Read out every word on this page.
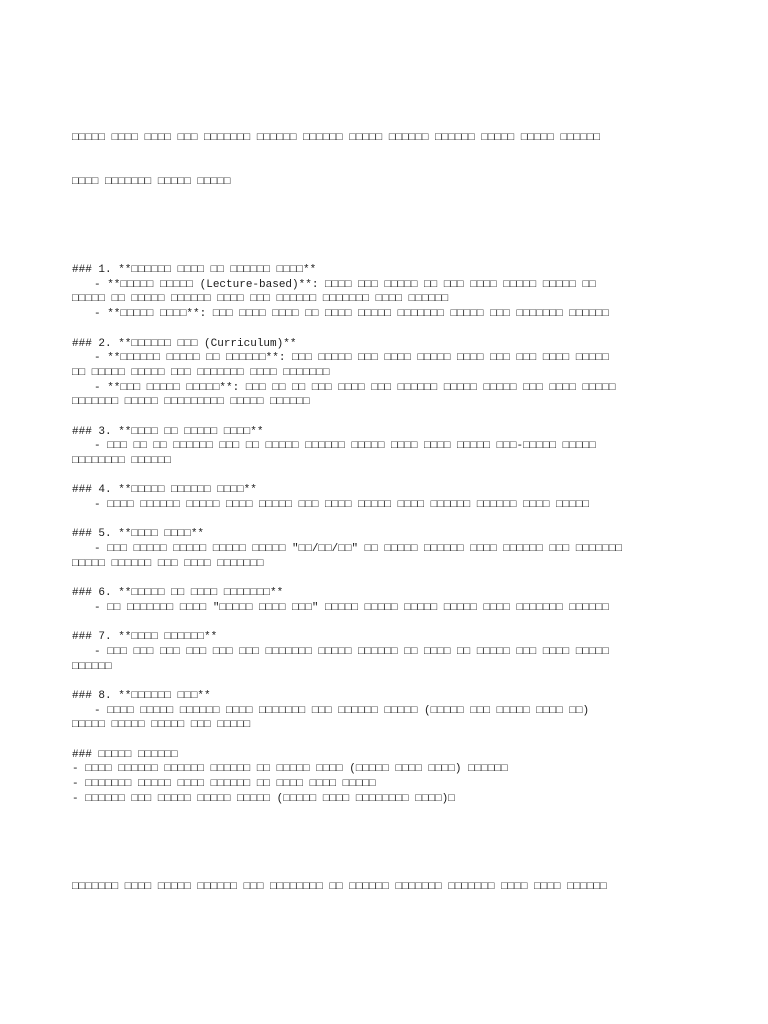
□□□□□ □□□□ □□□□ □□□ □□□□□□□ □□□□□□ □□□□□□ □□□□□ □□□□□□ □□□□□□ □□□□□ □□□□□ □□□□□□

□□□□ □□□□□□□ □□□□□ □□□□□

### 1. **□□□□□□ □□□□ □□ □□□□□□ □□□□**
- **□□□□□ □□□□□ (Lecture-based)**: □□□□ □□□ □□□□□ □□ □□□ □□□□ □□□□□ □□□□□ □□
□□□□□ □□ □□□□□ □□□□□□ □□□□ □□□ □□□□□□ □□□□□□□ □□□□ □□□□□□
- **□□□□□ □□□□**: □□□ □□□□ □□□□ □□ □□□□ □□□□□ □□□□□□□ □□□□□ □□□ □□□□□□□ □□□□□□
### 2. **□□□□□□ □□□ (Curriculum)**
- **□□□□□□ □□□□□ □□ □□□□□□**: □□□ □□□□□ □□□ □□□□ □□□□□ □□□□ □□□ □□□ □□□□ □□□□□
□□ □□□□□ □□□□□ □□□ □□□□□□□ □□□□ □□□□□□□
- **□□□ □□□□□ □□□□□**: □□□ □□ □□ □□□ □□□□ □□□ □□□□□□ □□□□□ □□□□□ □□□ □□□□ □□□□□
□□□□□□□ □□□□□ □□□□□□□□□ □□□□□ □□□□□□
### 3. **□□□□ □□ □□□□□ □□□□**
- □□□ □□ □□ □□□□□□ □□□ □□ □□□□□ □□□□□□ □□□□□ □□□□ □□□□ □□□□□ □□□-□□□□□ □□□□□
□□□□□□□□ □□□□□□
### 4. **□□□□□ □□□□□□ □□□□**
- □□□□ □□□□□□ □□□□□ □□□□ □□□□□ □□□ □□□□ □□□□□ □□□□ □□□□□□ □□□□□□ □□□□ □□□□□
### 5. **□□□□ □□□□**
- □□□ □□□□□ □□□□□ □□□□□ □□□□□ "□□/□□/□□" □□ □□□□□ □□□□□□ □□□□ □□□□□□ □□□ □□□□□□□
□□□□□ □□□□□□ □□□ □□□□ □□□□□□□
### 6. **□□□□□ □□ □□□□ □□□□□□□**
- □□ □□□□□□□ □□□□ "□□□□□ □□□□ □□□" □□□□□ □□□□□ □□□□□ □□□□□ □□□□ □□□□□□□ □□□□□□
### 7. **□□□□ □□□□□□**
- □□□ □□□ □□□ □□□ □□□ □□□ □□□□□□□ □□□□□ □□□□□□ □□ □□□□ □□ □□□□□ □□□ □□□□ □□□□□
□□□□□□
### 8. **□□□□□□ □□□**
- □□□□ □□□□□ □□□□□□ □□□□ □□□□□□□ □□□ □□□□□□ □□□□□ (□□□□□ □□□ □□□□□ □□□□ □□)
□□□□□ □□□□□ □□□□□ □□□ □□□□□
### □□□□□ □□□□□□
- □□□□ □□□□□□ □□□□□□ □□□□□□ □□ □□□□□ □□□□ (□□□□□ □□□□ □□□□) □□□□□□
- □□□□□□□ □□□□□ □□□□ □□□□□□ □□ □□□□ □□□□ □□□□□
- □□□□□□ □□□ □□□□□ □□□□□ □□□□□ (□□□□□ □□□□ □□□□□□□□ □□□□)□

□□□□□□□ □□□□ □□□□□ □□□□□□ □□□ □□□□□□□□ □□ □□□□□□ □□□□□□□ □□□□□□□ □□□□ □□□□ □□□□□□
